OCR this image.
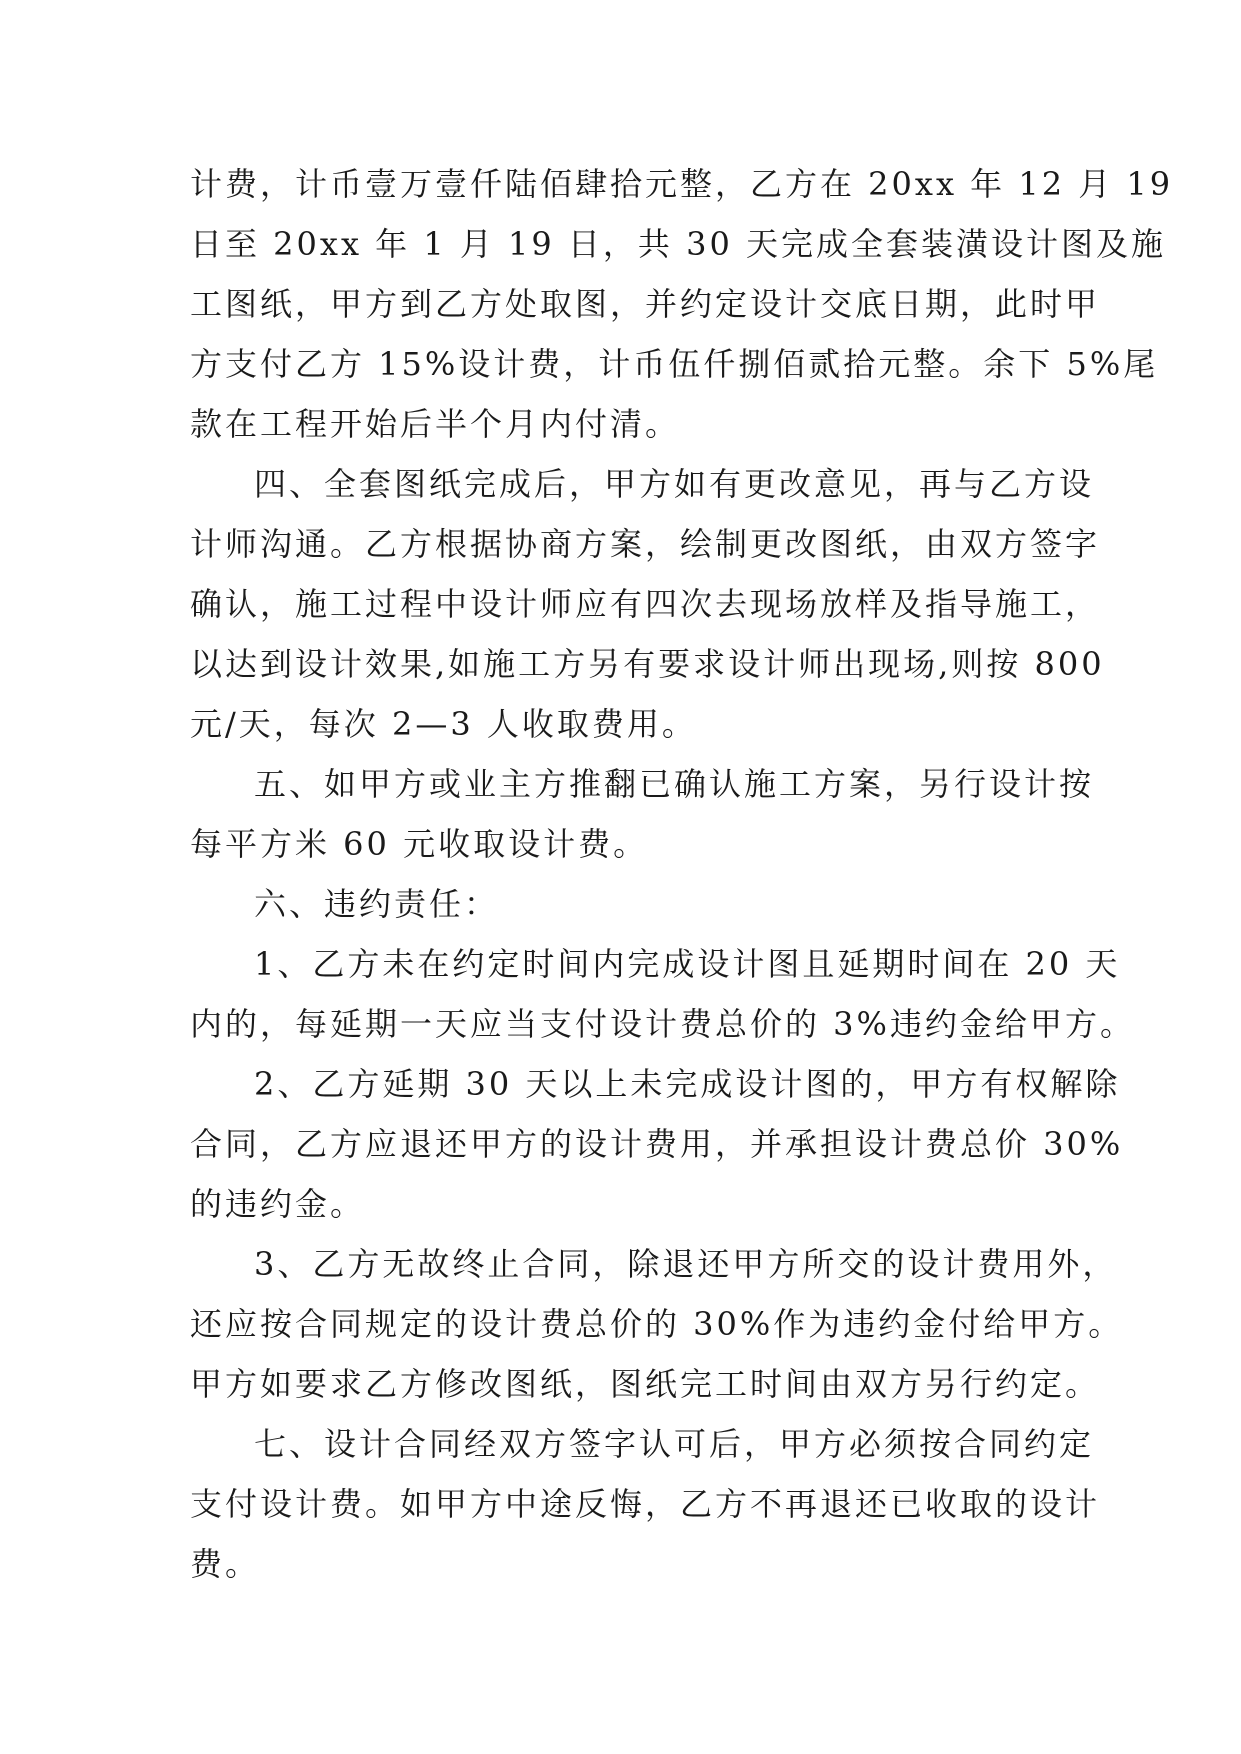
计费，计币壹万壹仟陆佰肆拾元整，乙方在 20xx 年 12 月 19
日至 20xx 年 1 月 19 日，共 30 天完成全套装潢设计图及施
工图纸，甲方到乙方处取图，并约定设计交底日期，此时甲
方支付乙方 15%设计费，计币伍仟捌佰贰拾元整。余下 5%尾
款在工程开始后半个月内付清。
四、全套图纸完成后，甲方如有更改意见，再与乙方设
计师沟通。乙方根据协商方案，绘制更改图纸，由双方签字
确认，施工过程中设计师应有四次去现场放样及指导施工，
以达到设计效果,如施工方另有要求设计师出现场,则按 800
元/天，每次 2—3 人收取费用。
五、如甲方或业主方推翻已确认施工方案，另行设计按
每平方米 60 元收取设计费。
六、违约责任：
1、乙方未在约定时间内完成设计图且延期时间在 20 天
内的，每延期一天应当支付设计费总价的 3%违约金给甲方。
2、乙方延期 30 天以上未完成设计图的，甲方有权解除
合同，乙方应退还甲方的设计费用，并承担设计费总价 30%
的违约金。
3、乙方无故终止合同，除退还甲方所交的设计费用外，
还应按合同规定的设计费总价的 30%作为违约金付给甲方。
甲方如要求乙方修改图纸，图纸完工时间由双方另行约定。
七、设计合同经双方签字认可后，甲方必须按合同约定
支付设计费。如甲方中途反悔，乙方不再退还已收取的设计
费。
